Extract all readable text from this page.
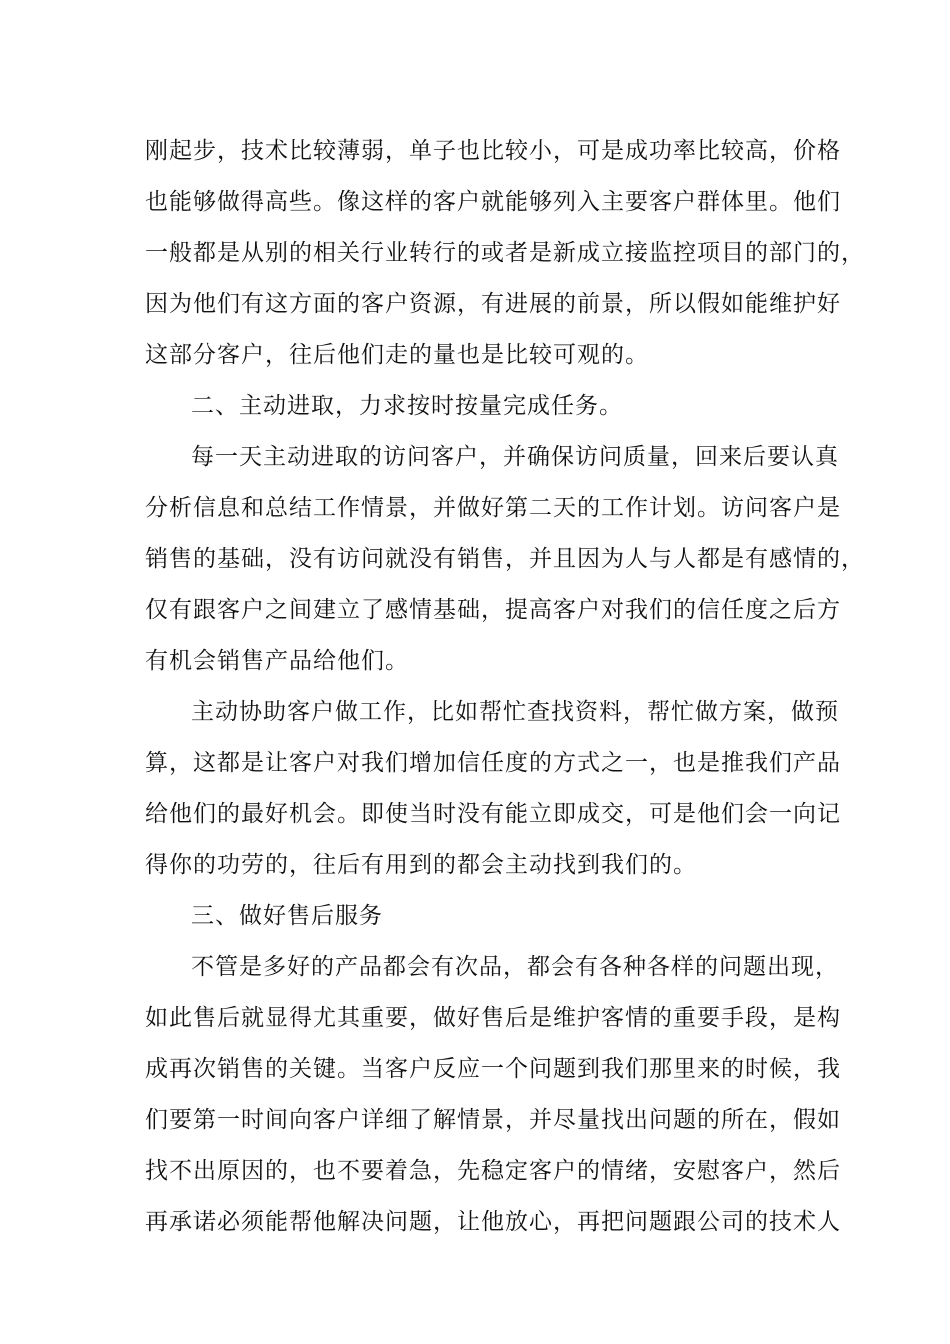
刚起步，技术比较薄弱，单子也比较小，可是成功率比较高，价格
也能够做得高些。像这样的客户就能够列入主要客户群体里。他们
一般都是从别的相关行业转行的或者是新成立接监控项目的部门的，
因为他们有这方面的客户资源，有进展的前景，所以假如能维护好
这部分客户，往后他们走的量也是比较可观的。
二、主动进取，力求按时按量完成任务。
每一天主动进取的访问客户，并确保访问质量，回来后要认真
分析信息和总结工作情景，并做好第二天的工作计划。访问客户是
销售的基础，没有访问就没有销售，并且因为人与人都是有感情的，
仅有跟客户之间建立了感情基础，提高客户对我们的信任度之后方
有机会销售产品给他们。
主动协助客户做工作，比如帮忙查找资料，帮忙做方案，做预
算，这都是让客户对我们增加信任度的方式之一，也是推我们产品
给他们的最好机会。即使当时没有能立即成交，可是他们会一向记
得你的功劳的，往后有用到的都会主动找到我们的。
三、做好售后服务
不管是多好的产品都会有次品，都会有各种各样的问题出现，
如此售后就显得尤其重要，做好售后是维护客情的重要手段，是构
成再次销售的关键。当客户反应一个问题到我们那里来的时候，我
们要第一时间向客户详细了解情景，并尽量找出问题的所在，假如
找不出原因的，也不要着急，先稳定客户的情绪，安慰客户，然后
再承诺必须能帮他解决问题，让他放心，再把问题跟公司的技术人
